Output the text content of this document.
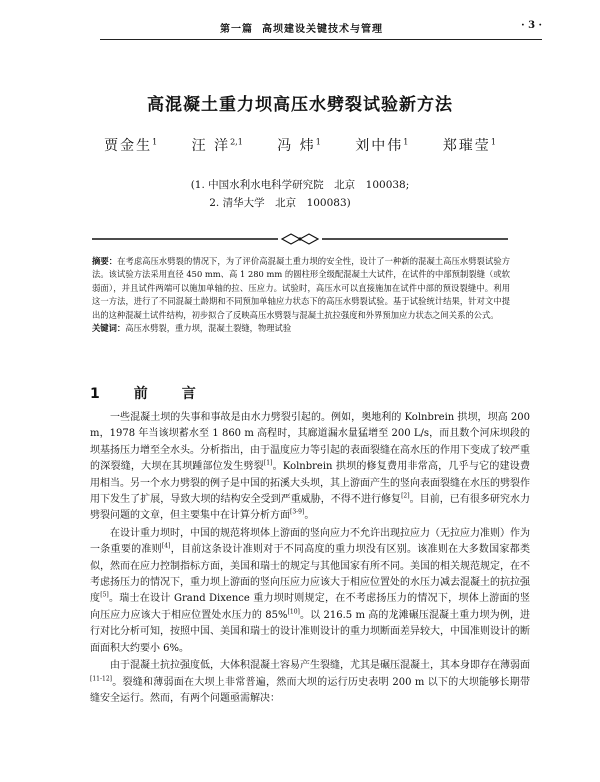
第一篇 高坝建设关键技术与管理	· 3 ·
高混凝土重力坝高压水劈裂试验新方法
贾金生$^1$ 汪 洋$^{2,1}$ 冯 炜$^1$ 刘中伟$^1$ 郑璀莹$^1$
(1. 中国水利水电科学研究院　北京　100038;
2. 清华大学　北京　100083)
摘要：在考虑高压水劈裂的情况下，为了评价高混凝土重力坝的安全性，设计了一种新的混凝土高压水劈裂试验方法。该试验方法采用直径 450 mm、高 1 280 mm 的圆柱形全级配混凝土大试件，在试件的中部预制裂缝（或软弱面），并且试件两端可以施加单轴的拉、压应力。试验时，高压水可以直接施加在试件中部的预设裂缝中。利用这一方法，进行了不同混凝土龄期和不同预加单轴应力状态下的高压水劈裂试验。基于试验统计结果，针对文中提出的这种混凝土试件结构，初步拟合了反映高压水劈裂与混凝土抗拉强度和外界预加应力状态之间关系的公式。
关键词：高压水劈裂，重力坝，混凝土裂缝，物理试验
1　前　言

一些混凝土坝的失事和事故是由水力劈裂引起的。例如，奥地利的 Kolnbrein 拱坝，坝高 200 m，1978 年当该坝蓄水至 1 860 m 高程时，其廊道漏水量猛增至 200 L/s，而且数个河床坝段的坝基扬压力增至全水头。分析指出，由于温度应力等引起的表面裂缝在高水压的作用下变成了较严重的深裂缝，大坝在其坝踵部位发生劈裂[1]。Kolnbrein 拱坝的修复费用非常高，几乎与它的建设费用相当。另一个水力劈裂的例子是中国的拓溪大头坝，其上游面产生的竖向表面裂缝在水压的劈裂作用下发生了扩展，导致大坝的结构安全受到严重威胁，不得不进行修复[2]。目前，已有很多研究水力劈裂问题的文章，但主要集中在计算分析方面[3-9]。

在设计重力坝时，中国的规范将坝体上游面的竖向应力不允许出现拉应力（无拉应力准则）作为一条重要的准则[4]，目前这条设计准则对于不同高度的重力坝没有区别。该准则在大多数国家都类似，然而在应力控制指标方面，美国和瑞士的规定与其他国家有所不同。美国的相关规范规定，在不考虑扬压力的情况下，重力坝上游面的竖向压应力应该大于相应位置处的水压力减去混凝土的抗拉强度[5]。瑞士在设计 Grand Dixence 重力坝时则规定，在不考虑扬压力的情况下，坝体上游面的竖向压应力应该大于相应位置处水压力的 85%[10]。以 216.5 m 高的龙滩碾压混凝土重力坝为例，进行对比分析可知，按照中国、美国和瑞士的设计准则设计的重力坝断面差异较大，中国准则设计的断面面积大约要小 6%。

由于混凝土抗拉强度低，大体积混凝土容易产生裂缝，尤其是碾压混凝土，其本身即存在薄弱面[11-12]。裂缝和薄弱面在大坝上非常普遍，然而大坝的运行历史表明 200 m 以下的大坝能够长期带缝安全运行。然而，有两个问题亟需解决：
